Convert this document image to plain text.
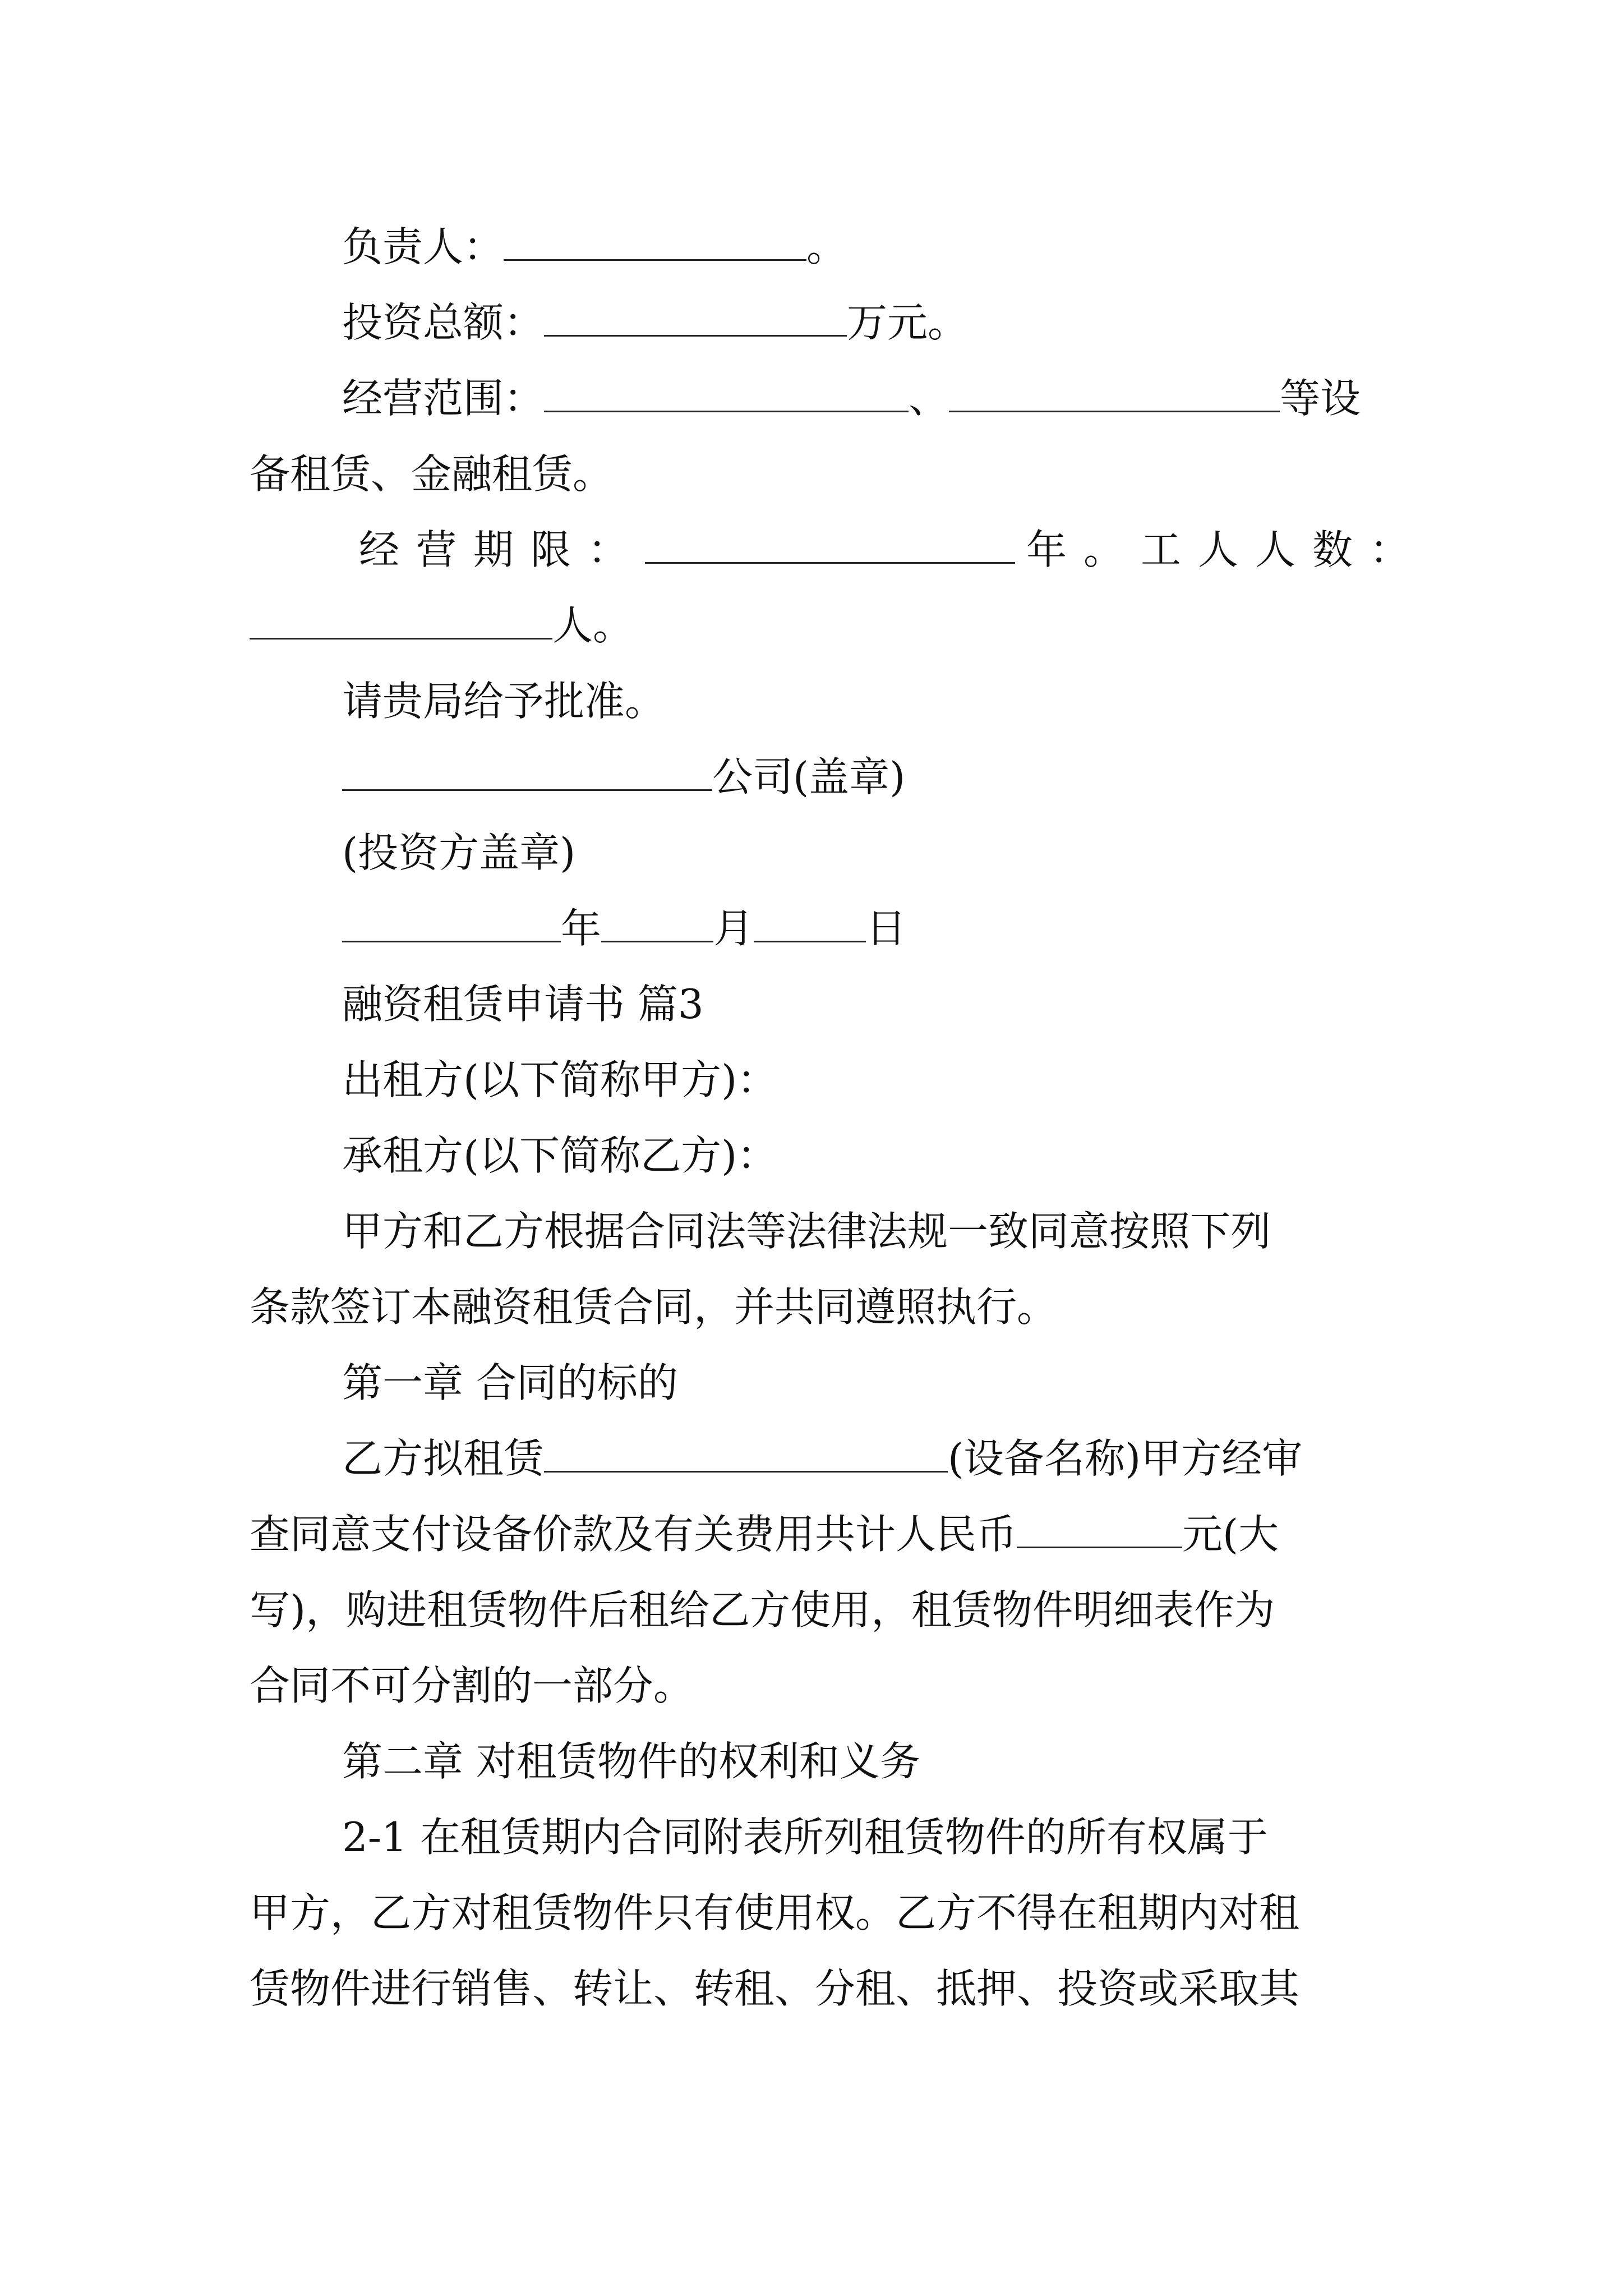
负责人：	。
投资总额：	万元。
经营范围：	、	等设
备租赁、金融租赁。
经营期限：	年。工人人数：
人。
请贵局给予批准。
公司(盖章)
(投资方盖章)
年	月	日
融资租赁申请书 篇3
出租方(以下简称甲方)：
承租方(以下简称乙方)：
甲方和乙方根据合同法等法律法规一致同意按照下列
条款签订本融资租赁合同，并共同遵照执行。
第一章 合同的标的
乙方拟租赁	(设备名称)甲方经审
查同意支付设备价款及有关费用共计人民币	元(大
写)，购进租赁物件后租给乙方使用，租赁物件明细表作为
合同不可分割的一部分。
第二章 对租赁物件的权利和义务
2-1 在租赁期内合同附表所列租赁物件的所有权属于
甲方，乙方对租赁物件只有使用权。乙方不得在租期内对租
赁物件进行销售、转让、转租、分租、抵押、投资或采取其
